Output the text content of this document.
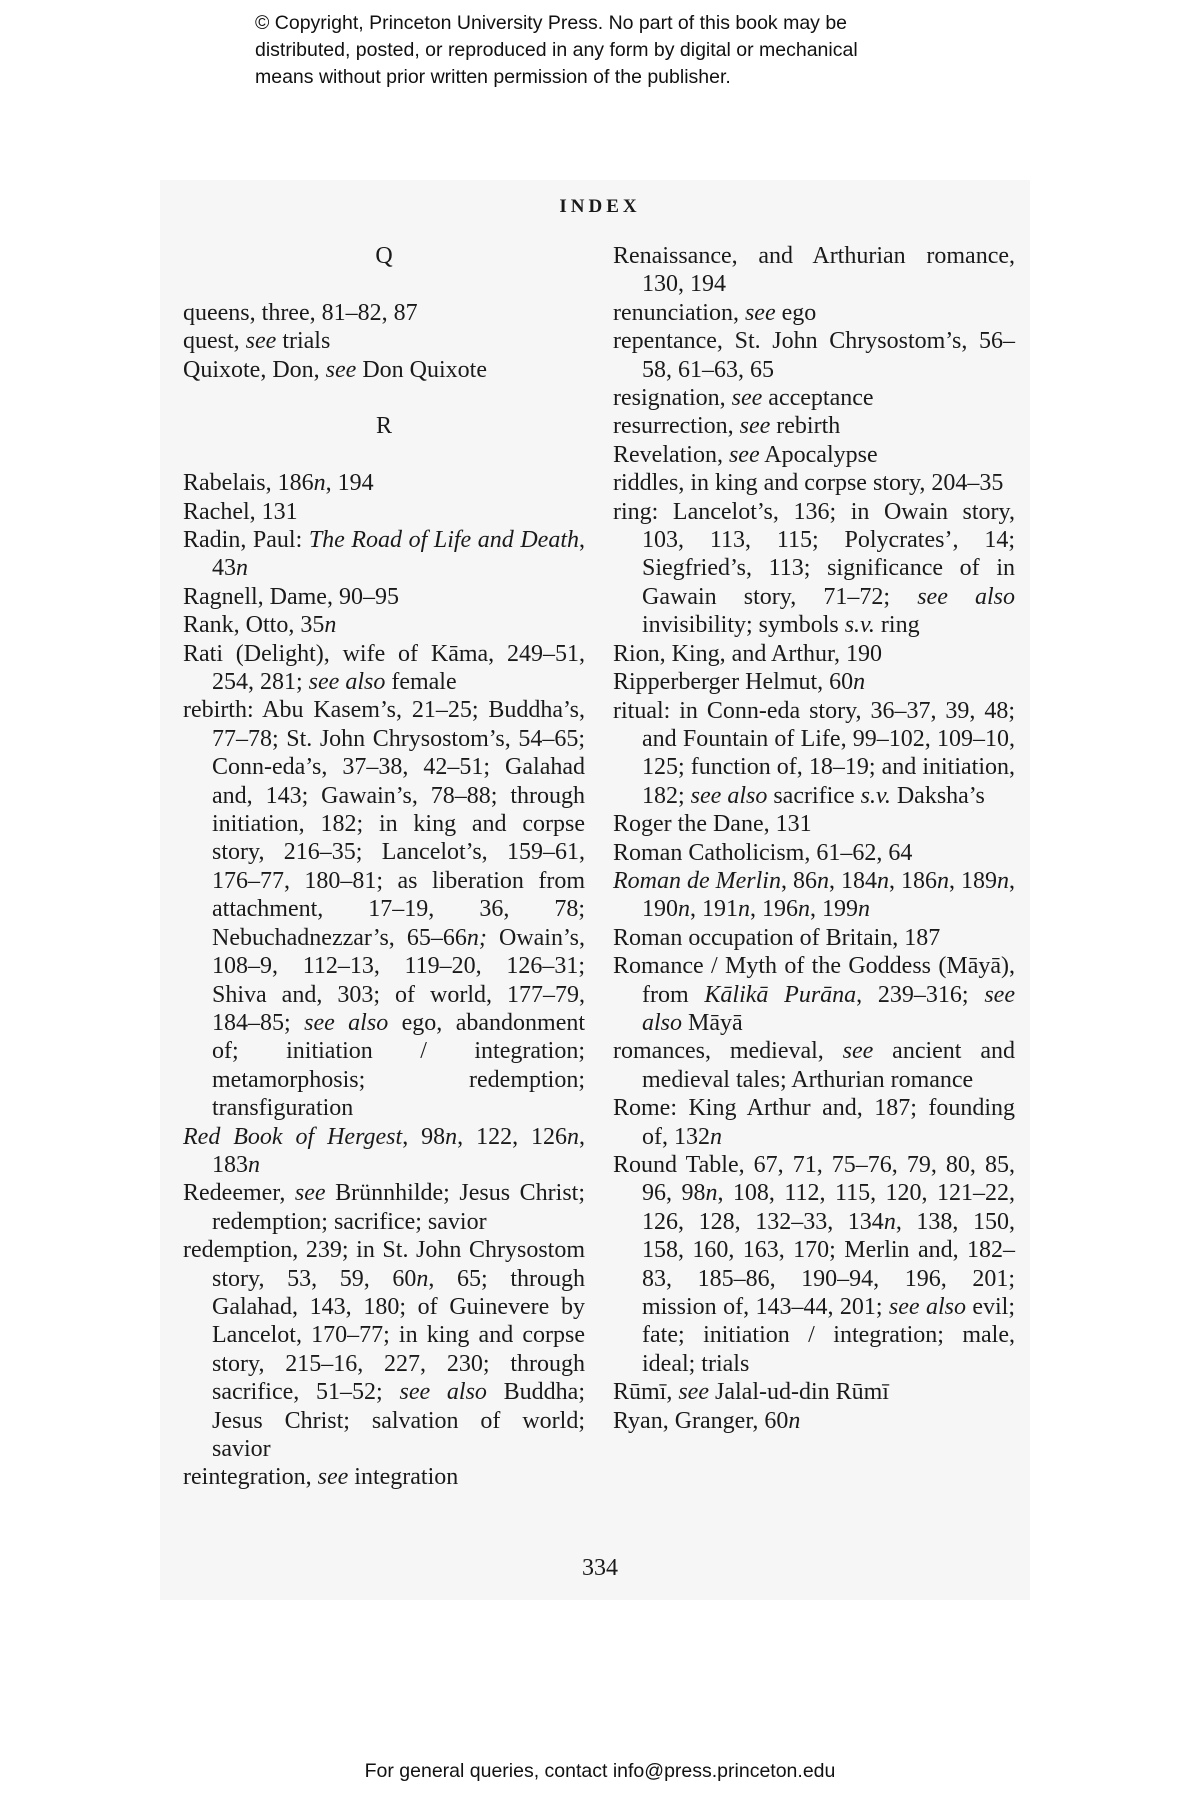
© Copyright, Princeton University Press. No part of this book may be
distributed, posted, or reproduced in any form by digital or mechanical
means without prior written permission of the publisher.
INDEX
Q

queens, three, 81–82, 87

quest, see trials

Quixote, Don, see Don Quixote

R

Rabelais, 186n, 194

Rachel, 131

Radin, Paul: The Road of Life and Death, 43n

Ragnell, Dame, 90–95

Rank, Otto, 35n

Rati (Delight), wife of Kāma, 249–51, 254, 281; see also female

rebirth: Abu Kasem’s, 21–25; Buddha’s, 77–78; St. John Chrysostom’s, 54–65; Conn-eda’s, 37–38, 42–51; Galahad and, 143; Gawain’s, 78–88; through initiation, 182; in king and corpse story, 216–35; Lancelot’s, 159–61, 176–77, 180–81; as liberation from attachment, 17–19, 36, 78; Nebuchadnezzar’s, 65–66n; Owain’s, 108–9, 112–13, 119–20, 126–31; Shiva and, 303; of world, 177–79, 184–85; see also ego, abandonment of; initiation / integration; metamorphosis; redemption; transfiguration

Red Book of Hergest, 98n, 122, 126n, 183n

Redeemer, see Brünnhilde; Jesus Christ; redemption; sacrifice; savior

redemption, 239; in St. John Chrysostom story, 53, 59, 60n, 65; through Galahad, 143, 180; of Guinevere by Lancelot, 170–77; in king and corpse story, 215–16, 227, 230; through sacrifice, 51–52; see also Buddha; Jesus Christ; salvation of world; savior

reintegration, see integration

Renaissance, and Arthurian romance, 130, 194

renunciation, see ego

repentance, St. John Chrysostom’s, 56–58, 61–63, 65

resignation, see acceptance

resurrection, see rebirth

Revelation, see Apocalypse

riddles, in king and corpse story, 204–35

ring: Lancelot’s, 136; in Owain story, 103, 113, 115; Polycrates’, 14; Siegfried’s, 113; significance of in Gawain story, 71–72; see also invisibility; symbols s.v. ring

Rion, King, and Arthur, 190

Ripperberger Helmut, 60n

ritual: in Conn-eda story, 36–37, 39, 48; and Fountain of Life, 99–102, 109–10, 125; function of, 18–19; and initiation, 182; see also sacrifice s.v. Daksha’s

Roger the Dane, 131

Roman Catholicism, 61–62, 64

Roman de Merlin, 86n, 184n, 186n, 189n, 190n, 191n, 196n, 199n

Roman occupation of Britain, 187

Romance / Myth of the Goddess (Māyā), from Kālikā Purāna, 239–316; see also Māyā

romances, medieval, see ancient and medieval tales; Arthurian romance

Rome: King Arthur and, 187; founding of, 132n

Round Table, 67, 71, 75–76, 79, 80, 85, 96, 98n, 108, 112, 115, 120, 121–22, 126, 128, 132–33, 134n, 138, 150, 158, 160, 163, 170; Merlin and, 182–83, 185–86, 190–94, 196, 201; mission of, 143–44, 201; see also evil; fate; initiation / integration; male, ideal; trials

Rūmī, see Jalal-ud-din Rūmī

Ryan, Granger, 60n

334
For general queries, contact info@press.princeton.edu
